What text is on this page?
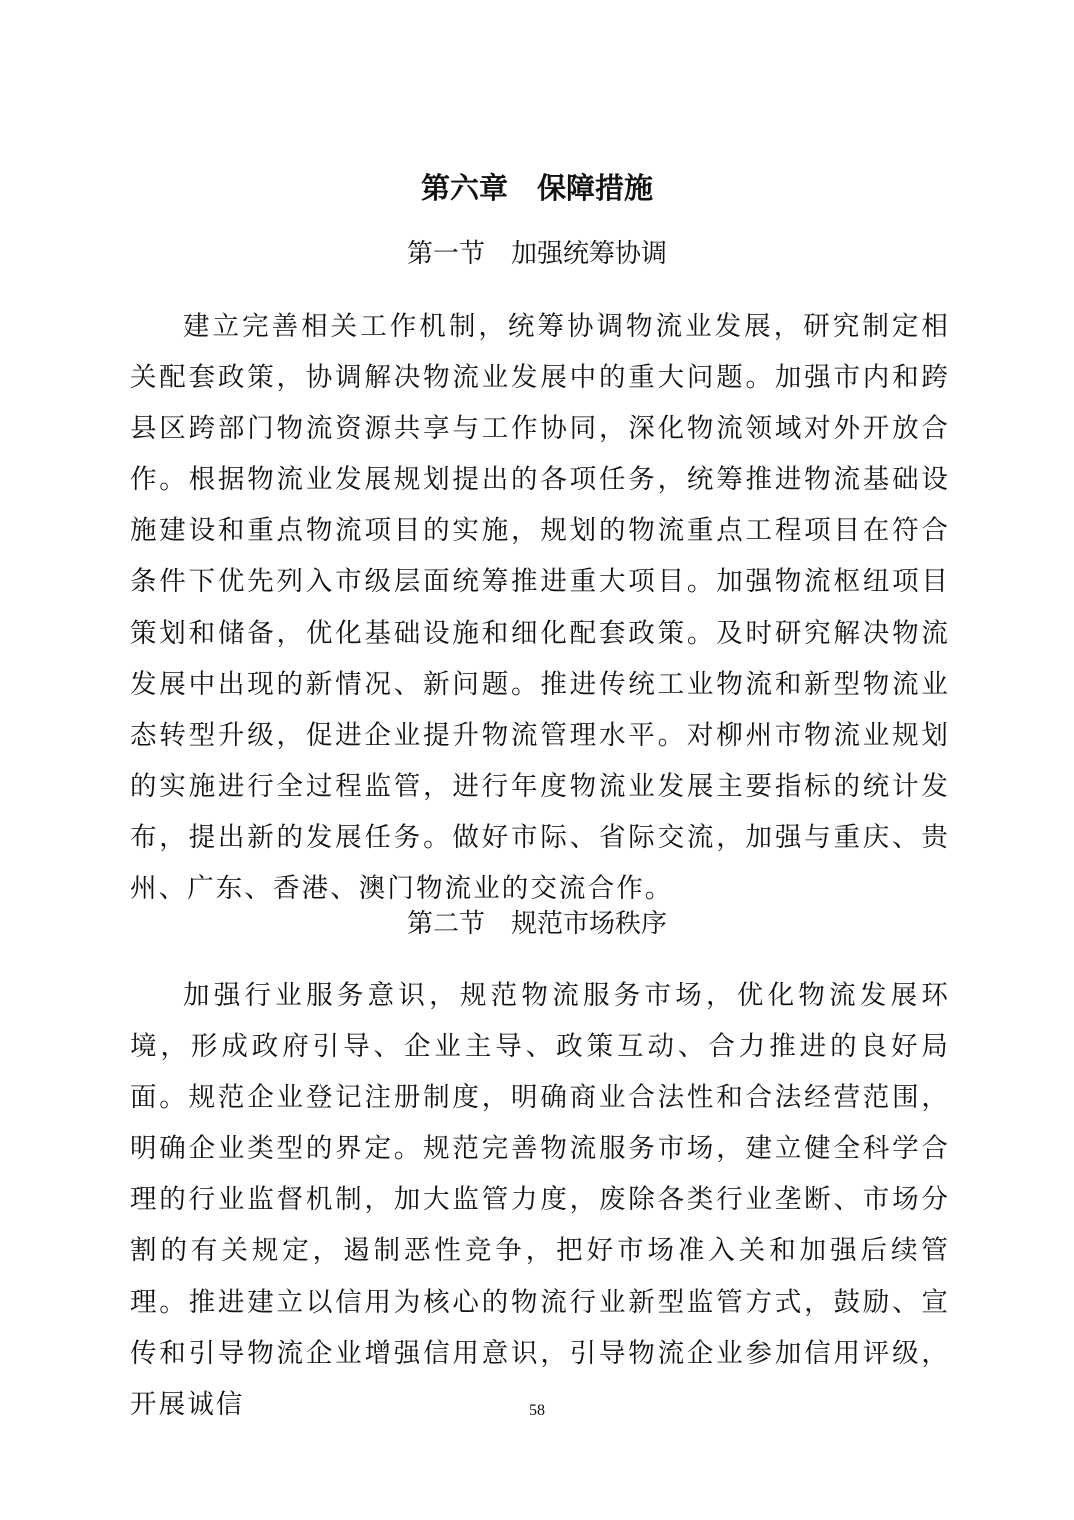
第六章　保障措施
第一节　加强统筹协调

建立完善相关工作机制，统筹协调物流业发展，研究制定相关配套政策，协调解决物流业发展中的重大问题。加强市内和跨县区跨部门物流资源共享与工作协同，深化物流领域对外开放合作。根据物流业发展规划提出的各项任务，统筹推进物流基础设施建设和重点物流项目的实施，规划的物流重点工程项目在符合条件下优先列入市级层面统筹推进重大项目。加强物流枢纽项目策划和储备，优化基础设施和细化配套政策。及时研究解决物流发展中出现的新情况、新问题。推进传统工业物流和新型物流业态转型升级，促进企业提升物流管理水平。对柳州市物流业规划的实施进行全过程监管，进行年度物流业发展主要指标的统计发布，提出新的发展任务。做好市际、省际交流，加强与重庆、贵州、广东、香港、澳门物流业的交流合作。

第二节　规范市场秩序

加强行业服务意识，规范物流服务市场，优化物流发展环境，形成政府引导、企业主导、政策互动、合力推进的良好局面。规范企业登记注册制度，明确商业合法性和合法经营范围，明确企业类型的界定。规范完善物流服务市场，建立健全科学合理的行业监督机制，加大监管力度，废除各类行业垄断、市场分割的有关规定，遏制恶性竞争，把好市场准入关和加强后续管理。推进建立以信用为核心的物流行业新型监管方式，鼓励、宣传和引导物流企业增强信用意识，引导物流企业参加信用评级，开展诚信	58
